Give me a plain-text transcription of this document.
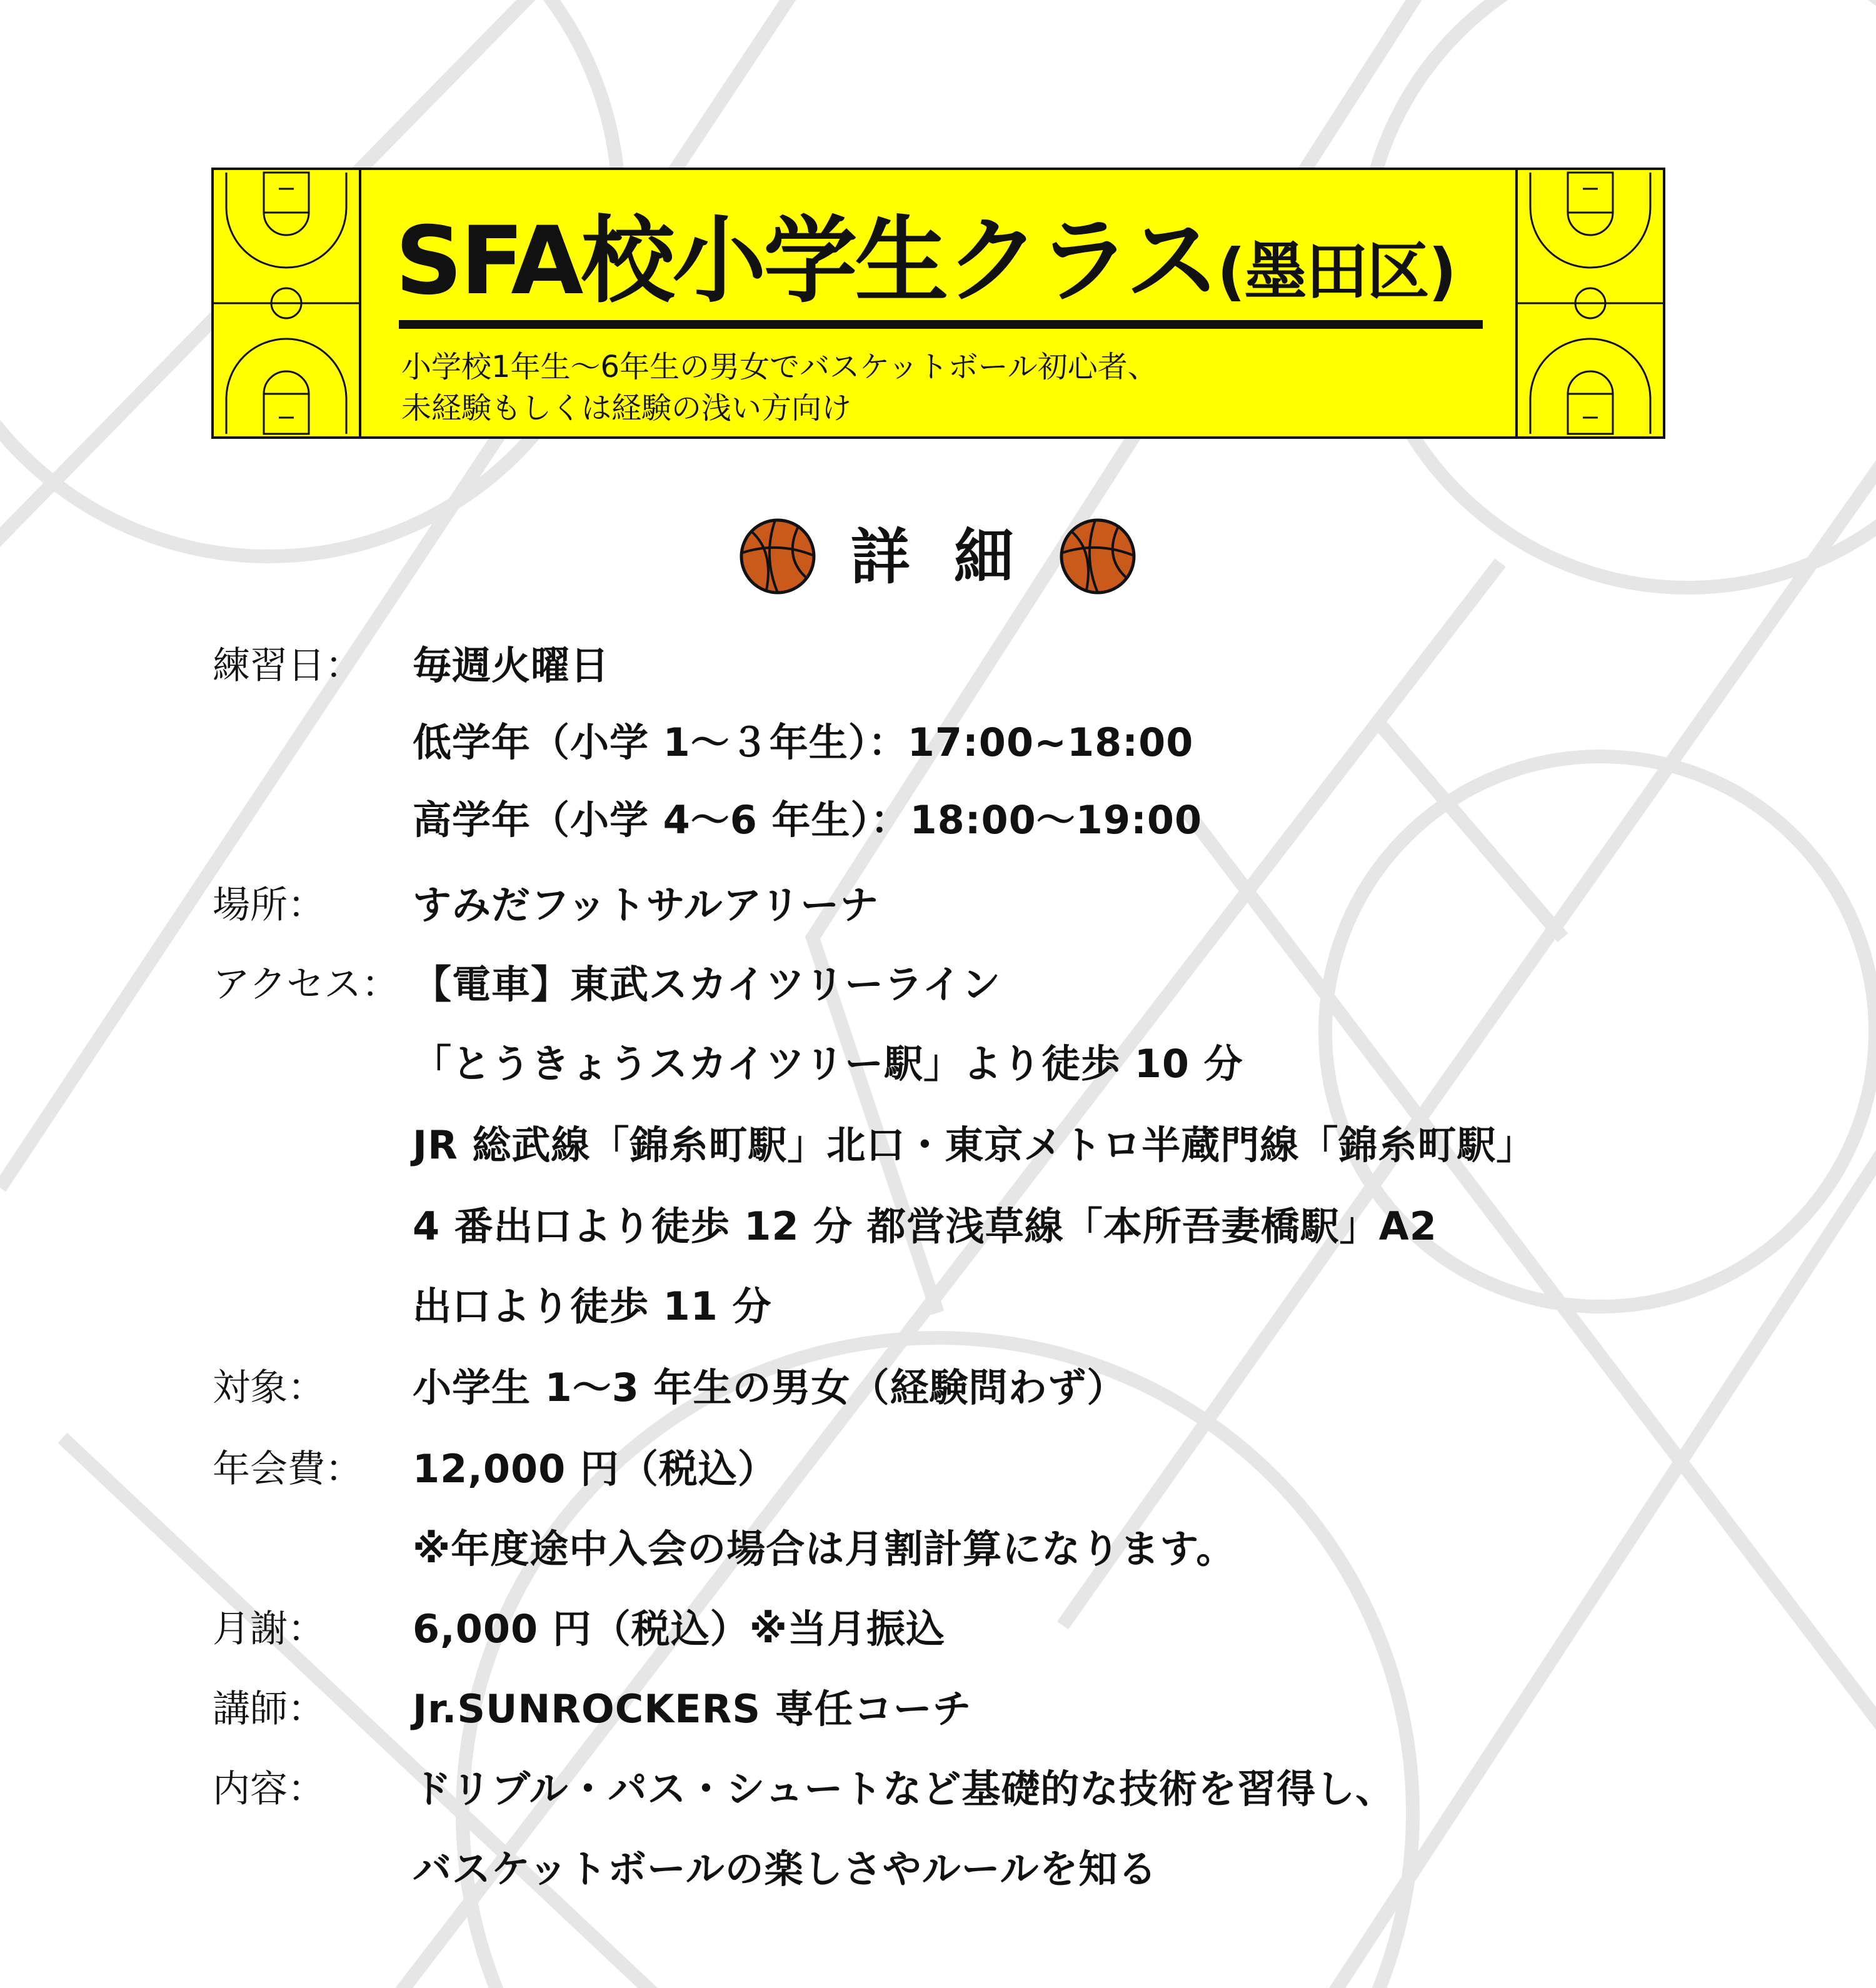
SFA校小学生クラス(墨田区)
小学校1年生〜6年生の男女でバスケットボール初心者、
未経験もしくは経験の浅い方向け
詳 細
練習日： 毎週火曜日
低学年（小学 1〜３年生）：17:00~18:00
高学年（小学 4〜6 年生）：18:00〜19:00
場所： すみだフットサルアリーナ
アクセス： 【電車】東武スカイツリーライン
「とうきょうスカイツリー駅」より徒歩 10 分
JR 総武線「錦糸町駅」北口・東京メトロ半蔵門線「錦糸町駅」
4 番出口より徒歩 12 分 都営浅草線「本所吾妻橋駅」A2
出口より徒歩 11 分
対象： 小学生 1〜3 年生の男女（経験問わず）
年会費： 12,000 円（税込）
※年度途中入会の場合は月割計算になります。
月謝： 6,000 円（税込）※当月振込
講師： Jr.SUNROCKERS 専任コーチ
内容： ドリブル・パス・シュートなど基礎的な技術を習得し、
バスケットボールの楽しさやルールを知る
